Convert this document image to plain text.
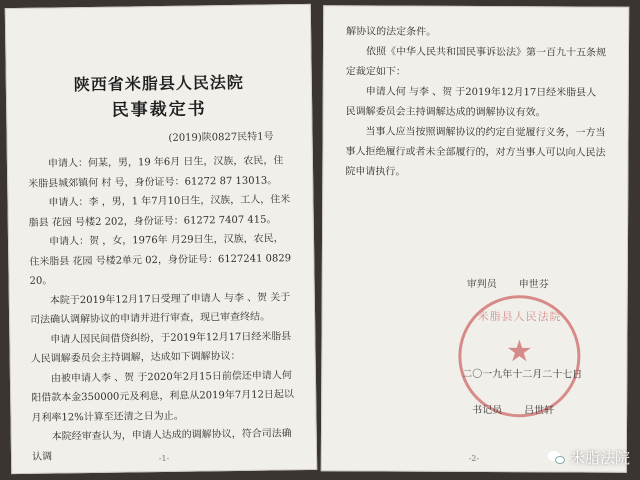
陕西省米脂县人民法院
民事裁定书
(2019)陕0827民特1号

申请人：何某，男，19 年6月 日生，汉族，农民，住米脂县城郊镇何 村 号，身份证号：61272 87 13013。

申请人：李 ，男，1 年7月10日生，汉族，工人，住米脂县 花园 号楼2 202，身份证号：61272 7407 415。

申请人：贺 ，女，1976年 月29日生，汉族，农民，住米脂县 花园 号楼2单元 02，身份证号：6127241 0829 20。

本院于2019年12月17日受理了申请人 与李 、贺 关于司法确认调解协议的申请并进行审查，现已审查终结。

申请人因民间借贷纠纷，于2019年12月17日经米脂县人民调解委员会主持调解，达成如下调解协议：

由被申请人李 、贺 于2020年2月15日前偿还申请人何阳借款本金350000元及利息，利息从2019年7月12日起以月利率12%计算至还清之日为止。

本院经审查认为，申请人达成的调解协议，符合司法确认调	-1-

解协议的法定条件。

依照《中华人民共和国民事诉讼法》第一百九十五条规定裁定如下：

申请人何 与李 、贺 于2019年12月17日经米脂县人民调解委员会主持调解达成的调解协议有效。

当事人应当按照调解协议的约定自觉履行义务，一方当事人拒绝履行或者未全部履行的，对方当事人可以向人民法院申请执行。

米脂县人民法院
★
审判员 申世芬
二〇一九年十二月二十七日
书记员 吕世轩
-2-	米脂法院
